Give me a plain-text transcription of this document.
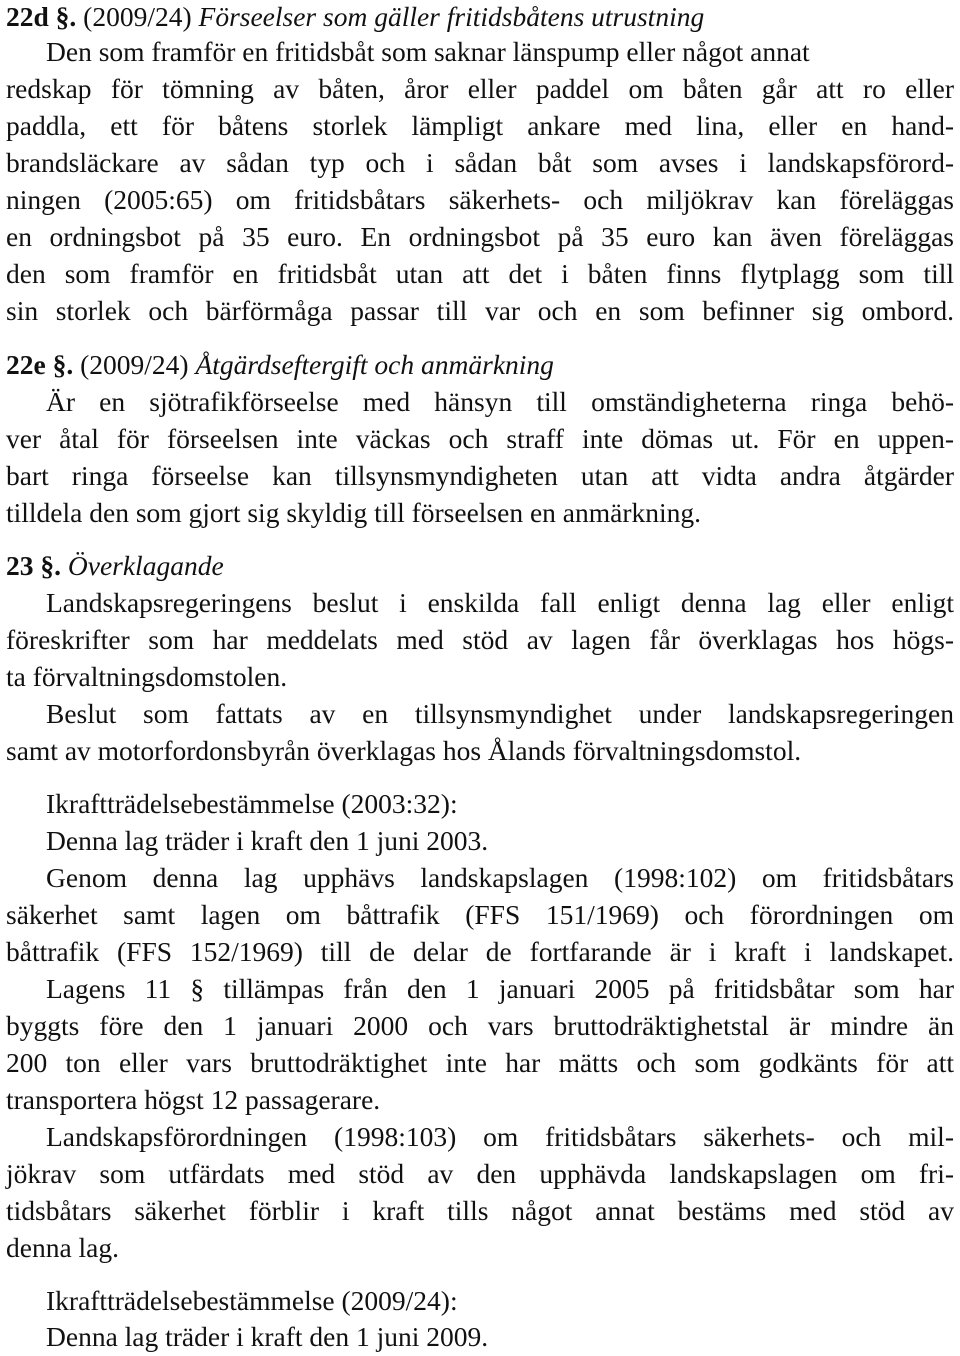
22d §. (2009/24) Förseelser som gäller fritidsbåtens utrustning
Den som framför en fritidsbåt som saknar länspump eller något annat
redskap för tömning av båten, åror eller paddel om båten går att ro eller
paddla, ett för båtens storlek lämpligt ankare med lina, eller en hand-
brandsläckare av sådan typ och i sådan båt som avses i landskapsförord-
ningen (2005:65) om fritidsbåtars säkerhets- och miljökrav kan föreläggas
en ordningsbot på 35 euro. En ordningsbot på 35 euro kan även föreläggas
den som framför en fritidsbåt utan att det i båten finns flytplagg som till
sin storlek och bärförmåga passar till var och en som befinner sig ombord.
22e §. (2009/24) Åtgärdseftergift och anmärkning
Är en sjötrafikförseelse med hänsyn till omständigheterna ringa behö-
ver åtal för förseelsen inte väckas och straff inte dömas ut. För en uppen-
bart ringa förseelse kan tillsynsmyndigheten utan att vidta andra åtgärder
tilldela den som gjort sig skyldig till förseelsen en anmärkning.
23 §. Överklagande
Landskapsregeringens beslut i enskilda fall enligt denna lag eller enligt
föreskrifter som har meddelats med stöd av lagen får överklagas hos högs-
ta förvaltningsdomstolen.
Beslut som fattats av en tillsynsmyndighet under landskapsregeringen
samt av motorfordonsbyrån överklagas hos Ålands förvaltningsdomstol.
Ikraftträdelsebestämmelse (2003:32):
Denna lag träder i kraft den 1 juni 2003.
Genom denna lag upphävs landskapslagen (1998:102) om fritidsbåtars
säkerhet samt lagen om båttrafik (FFS 151/1969) och förordningen om
båttrafik (FFS 152/1969) till de delar de fortfarande är i kraft i landskapet.
Lagens 11 § tillämpas från den 1 januari 2005 på fritidsbåtar som har
byggts före den 1 januari 2000 och vars bruttodräktighetstal är mindre än
200 ton eller vars bruttodräktighet inte har mätts och som godkänts för att
transportera högst 12 passagerare.
Landskapsförordningen (1998:103) om fritidsbåtars säkerhets- och mil-
jökrav som utfärdats med stöd av den upphävda landskapslagen om fri-
tidsbåtars säkerhet förblir i kraft tills något annat bestäms med stöd av
denna lag.
Ikraftträdelsebestämmelse (2009/24):
Denna lag träder i kraft den 1 juni 2009.
